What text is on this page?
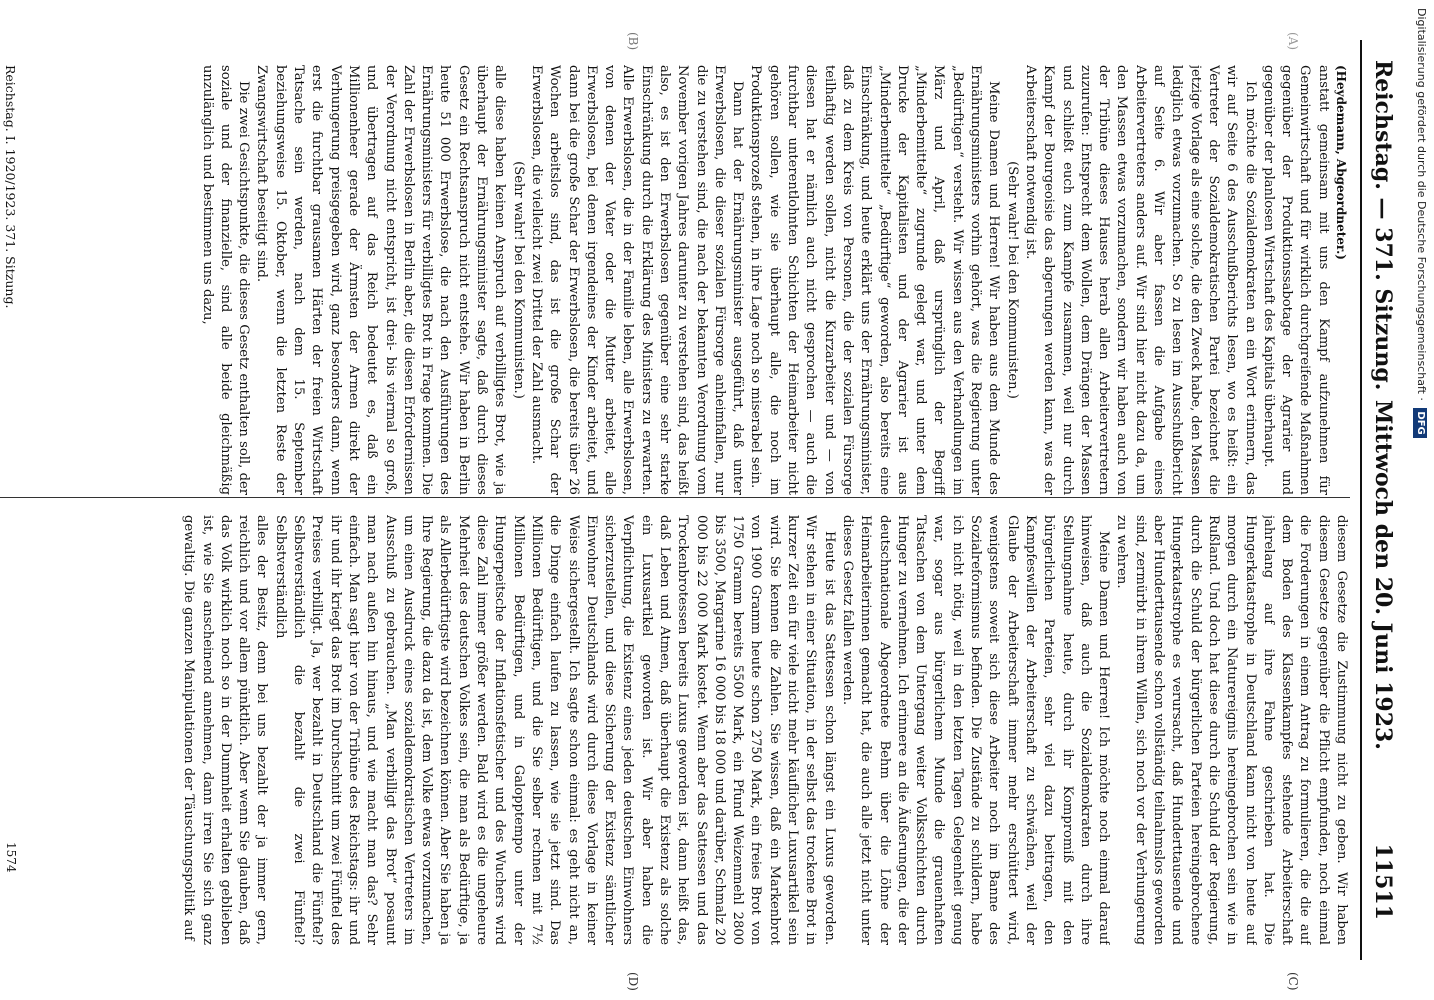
Reichstag. — 371. Sitzung.
Mittwoch den 20. Juni 1923.
11511
(C)
(D)
(B)	(A)

(Heydemann, Abgeordneter.)

anstatt gemeinsam mit uns den Kampf aufzunehmen für Gemeinwirtschaft und für wirklich durchgreifende Maßnahmen gegenüber der Produktionssabotage der Agrarier und gegenüber der planlosen Wirtschaft des Kapitals überhaupt.

Ich möchte die Sozialdemokraten an ein Wort erinnern, das wir auf Seite 6 des Ausschußberichts lesen, wo es heißt: ein Vertreter der Sozialdemokratischen Partei bezeichnet die jetzige Vorlage als eine solche, die den Zweck habe, den Massen lediglich etwas vorzumachen. So zu lesen im Ausschußbericht auf Seite 6. Wir aber fassen die Aufgabe eines Arbeitervertreters anders auf. Wir sind hier nicht dazu da, um den Massen etwas vorzumachen, sondern wir haben auch von der Tribüne dieses Hauses herab allen Arbeitervertretern zuzurufen: Entsprecht dem Wollen, dem Drängen der Massen und schließt euch zum Kampfe zusammen, weil nur durch Kampf der Bourgeoisie das abgerungen werden kann, was der Arbeiterschaft notwendig ist.

(Sehr wahr! bei den Kommunisten.)

Meine Damen und Herren! Wir haben aus dem Munde des Ernährungsministers vorhin gehört, was die Regierung unter „Bedürftigen“ versteht. Wir wissen aus den Verhandlungen im März und April, daß ursprünglich der Begriff „Minderbemittelte“ zugrunde gelegt war, und unter dem Drucke der Kapitalisten und der Agrarier ist aus „Minderbemittelte“ „Bedürftige“ geworden, also bereits eine Einschränkung, und heute erklärt uns der Ernährungsminister, daß zu dem Kreis von Personen, die der sozialen Fürsorge teilhaftig werden sollen, nicht die Kurzarbeiter und — von diesen hat er nämlich auch nicht gesprochen — auch die furchtbar unterentlohnten Schichten der Heimarbeiter nicht gehören sollen, wie sie überhaupt alle, die noch im Produktionsprozeß stehen, in ihre Lage noch so miserabel sein.

Dann hat der Ernährungsminister ausgeführt, daß unter Erwerbslosen, die dieser sozialen Fürsorge anheimfallen, nur die zu verstehen sind, die nach der bekannten Verordnung vom November vorigen Jahres darunter zu verstehen sind, das heißt also, es ist den Erwerbslosen gegenüber eine sehr starke Einschränkung durch die Erklärung des Ministers zu erwarten. Alle Erwerbslosen, die in der Familie leben, alle Erwerbslosen, von denen der Vater oder die Mutter arbeitet, alle Erwerbslosen, bei denen irgendeines der Kinder arbeitet, und dann bei die große Schar der Erwerbslosen, die bereits über 26 Wochen arbeitslos sind, das ist die große Schar der Erwerbslosen, die vielleicht zwei Drittel der Zahl ausmacht.

(Sehr wahr! bei den Kommunisten.)

alle diese haben keinen Anspruch auf verbilligtes Brot, wie ja überhaupt der Ernährungsminister sagte, daß durch dieses Gesetz ein Rechtsanspruch nicht entstehe. Wir haben in Berlin heute 51 000 Erwerbslose, die nach den Ausführungen des Ernährungsministers für verbilligtes Brot in Frage kommen. Die Zahl der Erwerbslosen in Berlin aber, die diesen Erfordernissen der Verordnung nicht entspricht, ist drei- bis viermal so groß, und übertragen auf das Reich bedeutet es, daß ein Millionenheer gerade der Ärmsten der Armen direkt der Verhungerung preisgegeben wird, ganz besonders dann, wenn erst die furchtbar grausamen Härten der freien Wirtschaft Tatsache sein werden, nach dem 15. September beziehungsweise 15. Oktober, wenn die letzten Reste der Zwangswirtschaft beseitigt sind.

Die zwei Gesichtspunkte, die dieses Gesetz enthalten soll, der soziale und der finanzielle, sind alle beide gleichmäßig unzulänglich und bestimmen uns dazu,

diesem Gesetze die Zustimmung nicht zu geben. Wir haben diesem Gesetze gegenüber die Pflicht empfunden, noch einmal die Forderungen in einem Antrag zu formulieren, die die auf dem Boden des Klassenkampfes stehende Arbeiterschaft jahrelang auf ihre Fahne geschrieben hat. Die Hungerkatastrophe in Deutschland kann nicht von heute auf morgen durch ein Naturereignis hereingebrochen sein wie in Rußland. Und doch hat diese durch die Schuld der Regierung, durch die Schuld der bürgerlichen Parteien hereingebrochene Hungerkatastrophe es verursacht, daß Hunderttausende und aber Hunderttausende schon vollständig teilnahmslos geworden sind, zermürbt in ihrem Willen, sich noch vor der Verhungerung zu wehren.

Meine Damen und Herren! Ich möchte noch einmal darauf hinweisen, daß auch die Sozialdemokraten durch ihre Stellungnahme heute, durch ihr Kompromiß mit den bürgerlichen Parteien, sehr viel dazu beitragen, den Kampfeswillen der Arbeiterschaft zu schwächen, weil der Glaube der Arbeiterschaft immer mehr erschüttert wird, wenigstens soweit sich diese Arbeiter noch im Banne des Sozialreformismus befinden. Die Zustände zu schildern, habe ich nicht nötig, weil in den letzten Tagen Gelegenheit genug war, sogar aus bürgerlichem Munde die grauenhaften Tatsachen von dem Untergang weiter Volksschichten durch Hunger zu vernehmen. Ich erinnere an die Äußerungen, die der deutschnationale Abgeordnete Behm über die Löhne der Heimarbeiterinnen gemacht hat, die auch alle jetzt nicht unter dieses Gesetz fallen werden.

Heute ist das Sattessen schon längst ein Luxus geworden. Wir stehen in einer Situation, in der selbst das trockene Brot in kurzer Zeit ein für viele nicht mehr käuflicher Luxusartikel sein wird. Sie kennen die Zahlen. Sie wissen, daß ein Markenbrot von 1900 Gramm heute schon 2750 Mark, ein freies Brot von 1750 Gramm bereits 5500 Mark, ein Pfund Weizenmehl 2800 bis 3500, Margarine 16 000 bis 18 000 und darüber, Schmalz 20 000 bis 22 000 Mark kostet. Wenn aber das Sattessen und das Trockenbrotessen bereits Luxus geworden ist, dann heißt das, daß Leben und Atmen, daß überhaupt die Existenz als solche ein Luxusartikel geworden ist. Wir aber haben die Verpflichtung, die Existenz eines jeden deutschen Einwohners sicherzustellen, und diese Sicherung der Existenz sämtlicher Einwohner Deutschlands wird durch diese Vorlage in keiner Weise sichergestellt. Ich sagte schon einmal: es geht nicht an, die Dinge einfach laufen zu lassen, wie sie jetzt sind. Das Millionen Bedürftigen, und die Sie selber rechnen mit 7½ Millionen Bedürftigen, und in Galopptempo unter der Hungerpeitsche der Inflationsfetischer und des Wuchers wird diese Zahl immer größer werden. Bald wird es die ungeheure Mehrheit des deutschen Volkes sein, die man als Bedürftige, ja als Allerbedürftigste wird bezeichnen können. Aber Sie haben ja Ihre Regierung, die dazu da ist, dem Volke etwas vorzumachen, um einen Ausdruck eines sozialdemokratischen Vertreters im Ausschuß zu gebrauchen. „Man verbilligt das Brot“ posaunt man nach außen hin hinaus, und wie macht man das? Sehr einfach. Man sagt hier von der Tribüne des Reichstags: ihr und ihr und ihr kriegt das Brot im Durchschnitt um zwei Fünftel des Preises verbilligt. Ja, wer bezahlt in Deutschland die Fünftel? Selbstverständlich die bezahlt die zwei Fünftel? Selbstverständlich

alles der Besitz, denn bei uns bezahlt der ja immer gern, reichlich und vor allem pünktlich. Aber wenn Sie glauben, daß das Volk wirklich noch so in der Dummheit erhalten geblieben ist, wie Sie anscheinend annehmen, dann irren Sie sich ganz gewaltig. Die ganzen Manipulationen der Täuschungspolitik auf

Reichstag. I. 1920/1923. 371. Sitzung.
1574
Digitalisierung gefördert durch die Deutsche Forschungsgemeinschaft · DFG
